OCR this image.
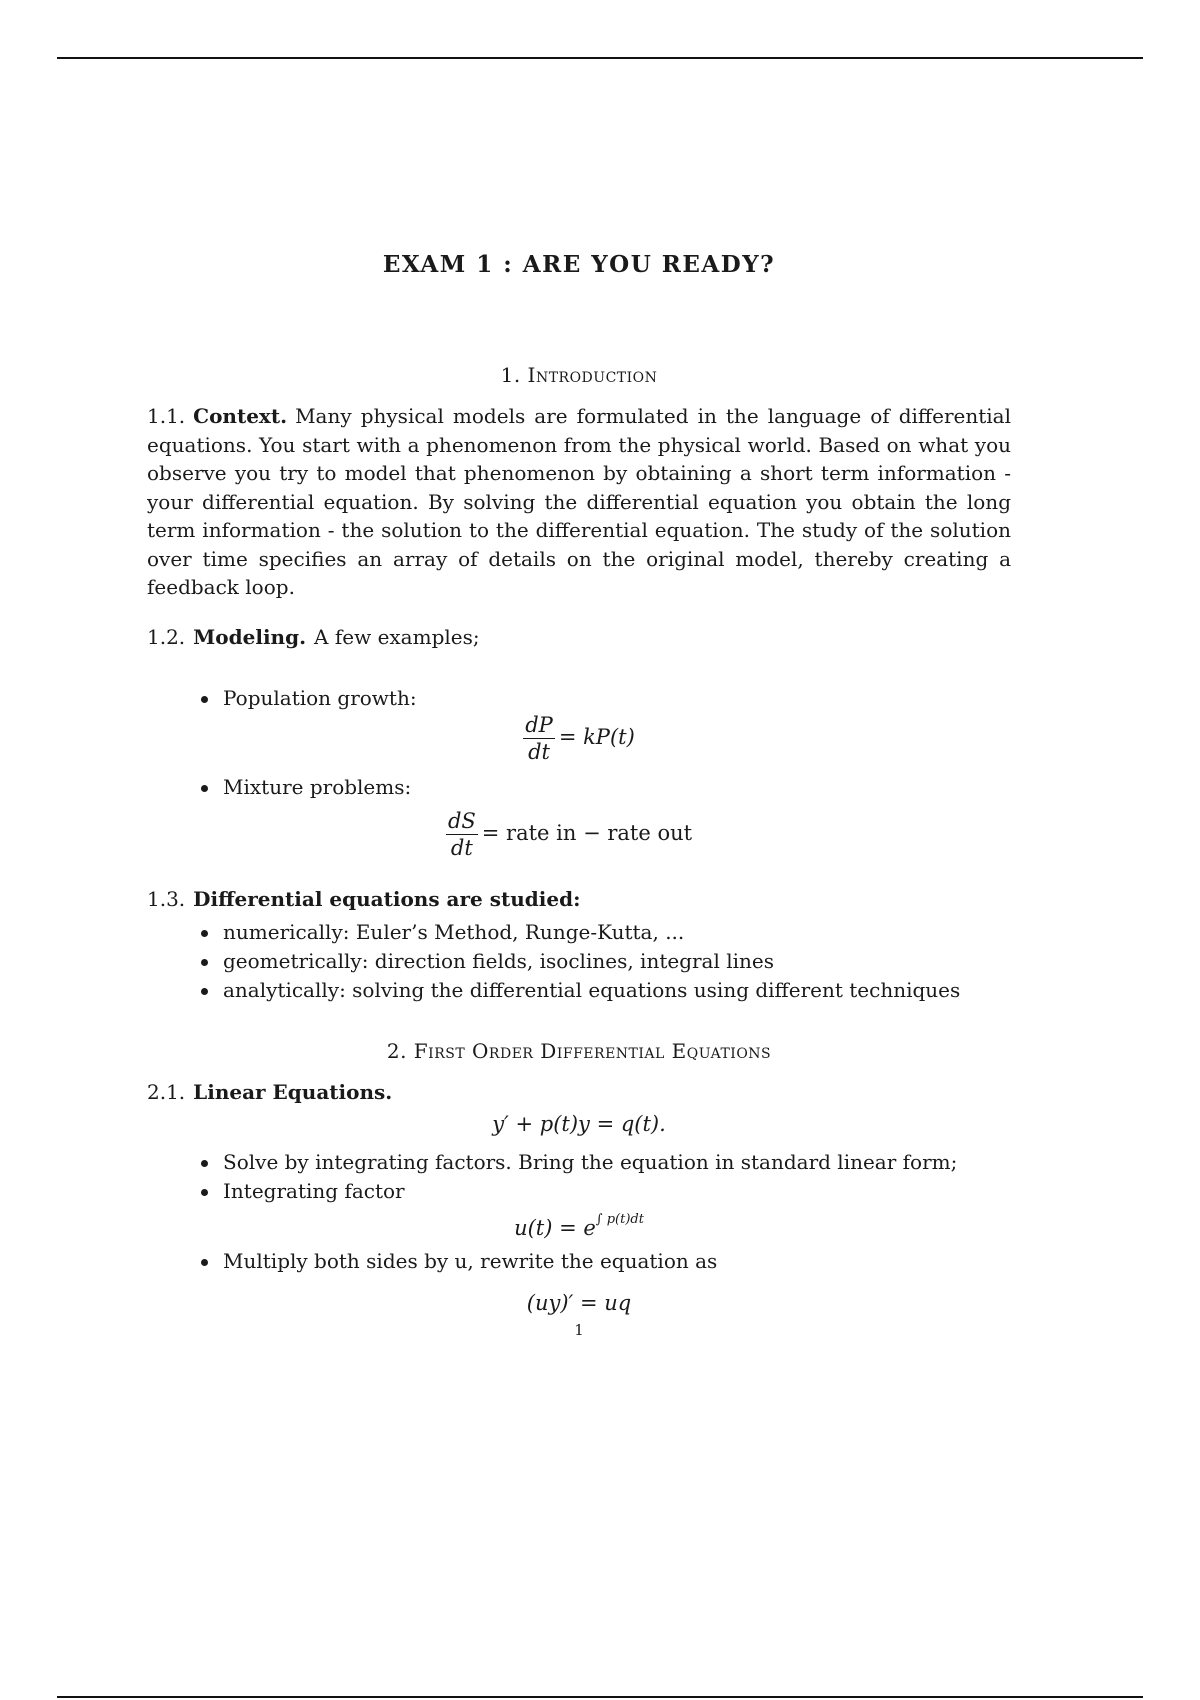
EXAM 1 : ARE YOU READY?
1. Introduction
1.1. Context. Many physical models are formulated in the language of differential equations. You start with a phenomenon from the physical world. Based on what you observe you try to model that phenomenon by obtaining a short term information - your differential equation. By solving the differential equation you obtain the long term information - the solution to the differential equation. The study of the solution over time specifies an array of details on the original model, thereby creating a feedback loop.
1.2. Modeling. A few examples;
Population growth:
$\frac{dP}{dt} = kP(t)$
Mixture problems:
$\frac{dS}{dt}$ = rate in − rate out
1.3. Differential equations are studied:
numerically: Euler’s Method, Runge-Kutta, ...
geometrically: direction fields, isoclines, integral lines
analytically: solving the differential equations using different techniques
2. First Order Differential Equations
2.1. Linear Equations.
y′ + p(t)y = q(t).
Solve by integrating factors. Bring the equation in standard linear form;
Integrating factor
$u(t) = e^{\int p(t)dt}$
Multiply both sides by u, rewrite the equation as
(uy)′ = uq
1
